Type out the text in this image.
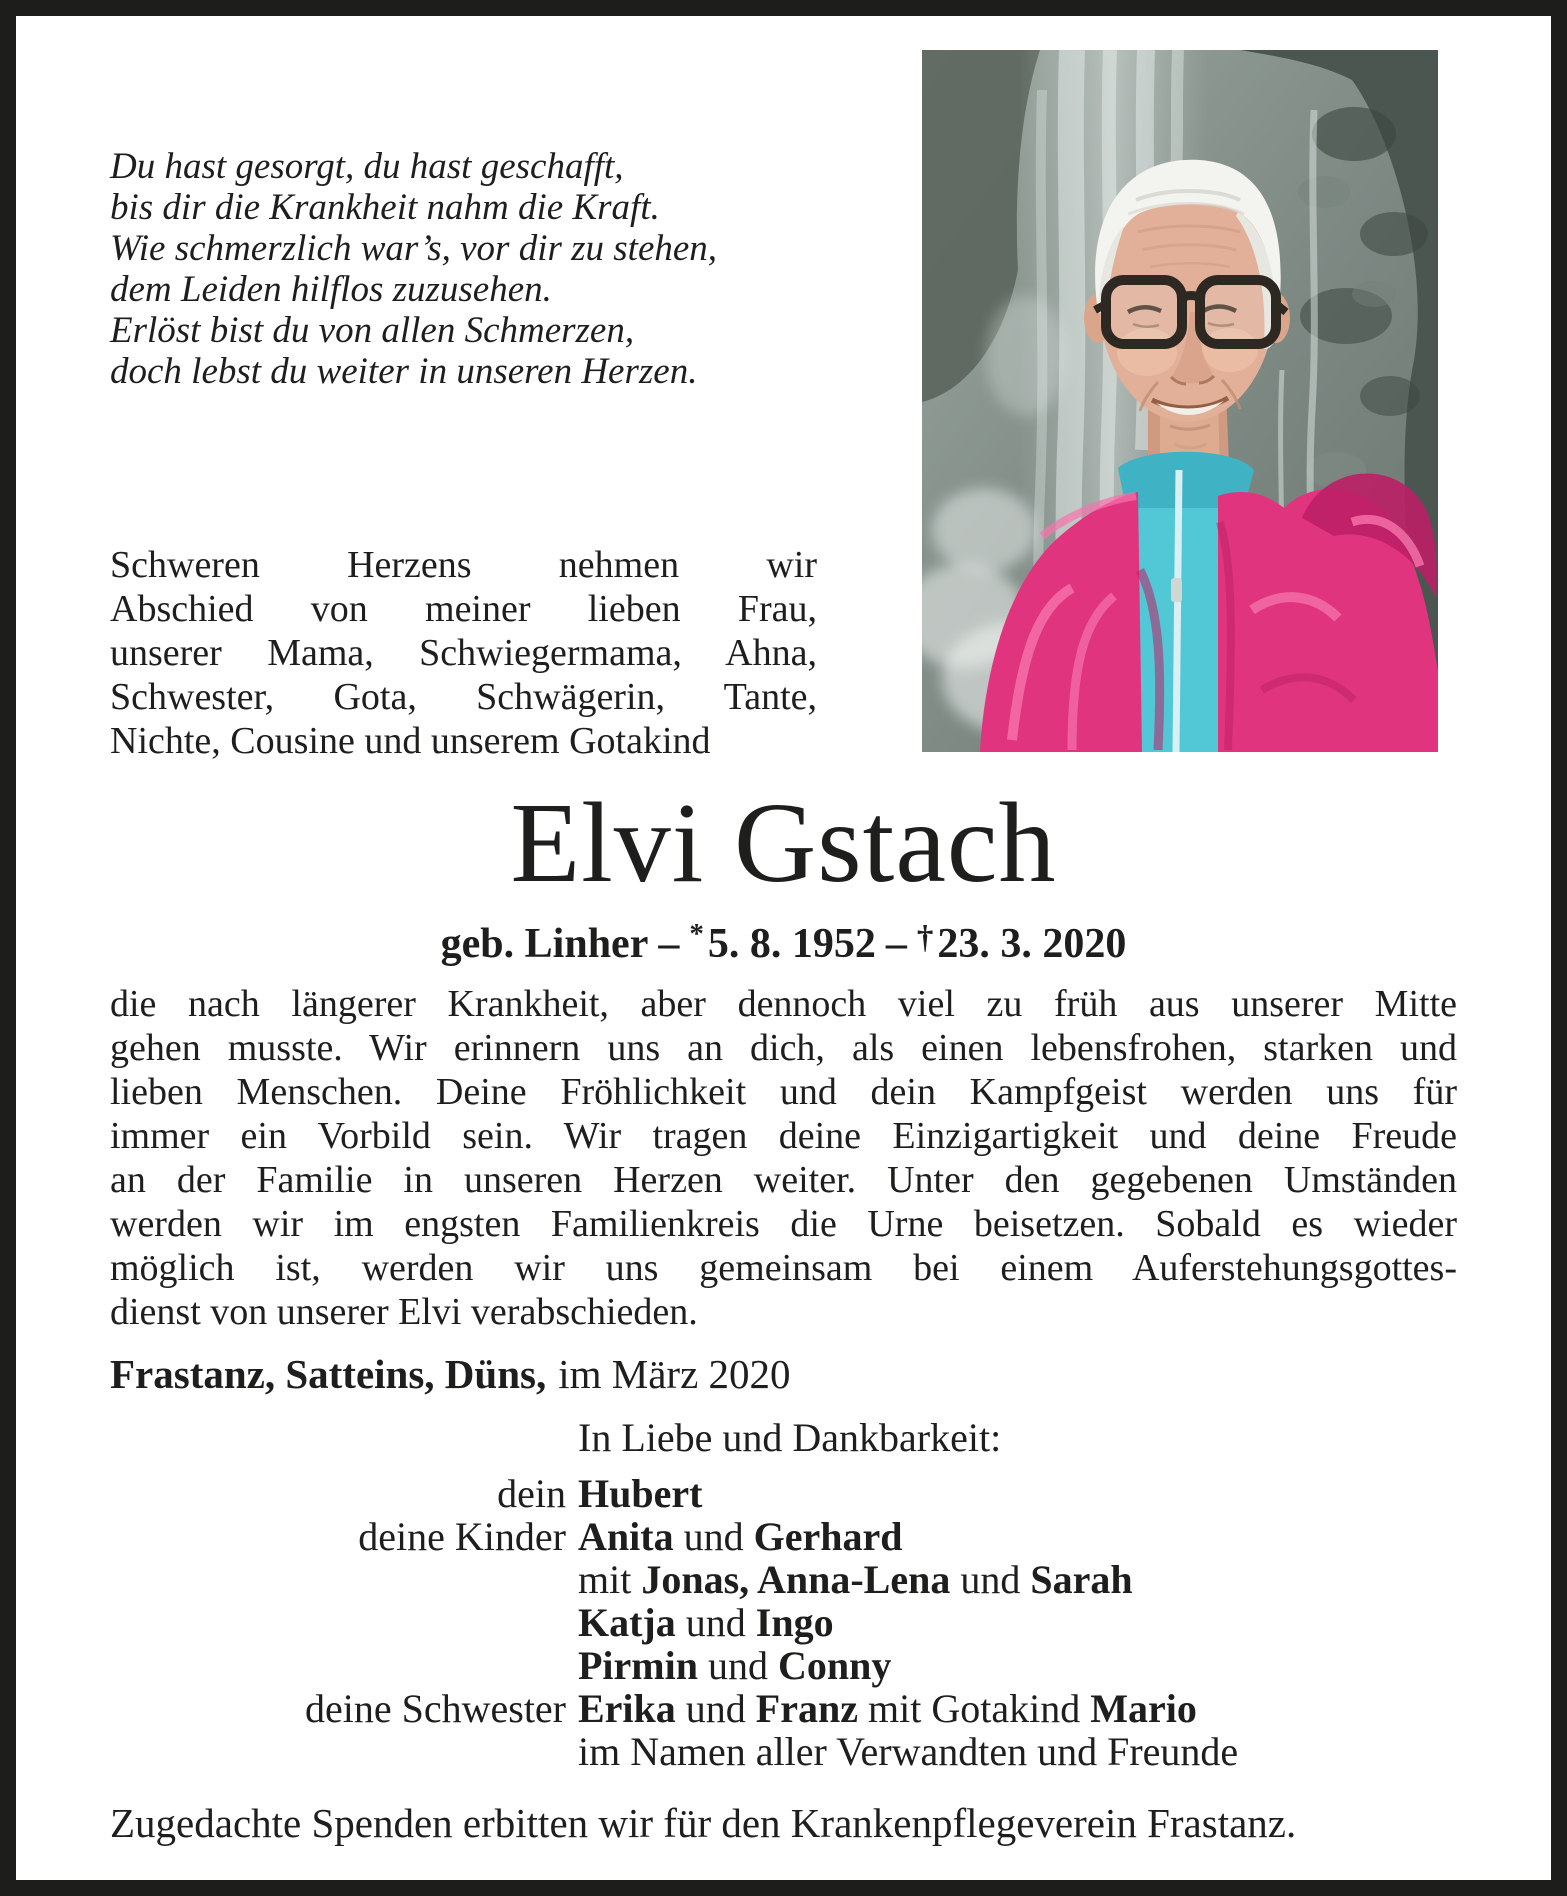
Du hast gesorgt, du hast geschafft,
bis dir die Krankheit nahm die Kraft.
Wie schmerzlich war’s, vor dir zu stehen,
dem Leiden hilflos zuzusehen.
Erlöst bist du von allen Schmerzen,
doch lebst du weiter in unseren Herzen.
Schweren Herzens nehmen wir
Abschied von meiner lieben Frau,
unserer Mama, Schwiegermama, Ahna,
Schwester, Gota, Schwägerin, Tante,
Nichte, Cousine und unserem Gotakind
Elvi Gstach
geb. Linher – *5. 8. 1952 – †23. 3. 2020
die nach längerer Krankheit, aber dennoch viel zu früh aus unserer Mitte
gehen musste. Wir erinnern uns an dich, als einen lebensfrohen, starken und
lieben Menschen. Deine Fröhlichkeit und dein Kampfgeist werden uns für
immer ein Vorbild sein. Wir tragen deine Einzigartigkeit und deine Freude
an der Familie in unseren Herzen weiter. Unter den gegebenen Umständen
werden wir im engsten Familienkreis die Urne beisetzen. Sobald es wieder
möglich ist, werden wir uns gemeinsam bei einem Auferstehungsgottes-
dienst von unserer Elvi verabschieden.
Frastanz, Satteins, Düns, im März 2020
In Liebe und Dankbarkeit:
dein Hubert
deine Kinder Anita und Gerhard
mit Jonas, Anna-Lena und Sarah
Katja und Ingo
Pirmin und Conny
deine Schwester Erika und Franz mit Gotakind Mario
im Namen aller Verwandten und Freunde
Zugedachte Spenden erbitten wir für den Krankenpflegeverein Frastanz.
